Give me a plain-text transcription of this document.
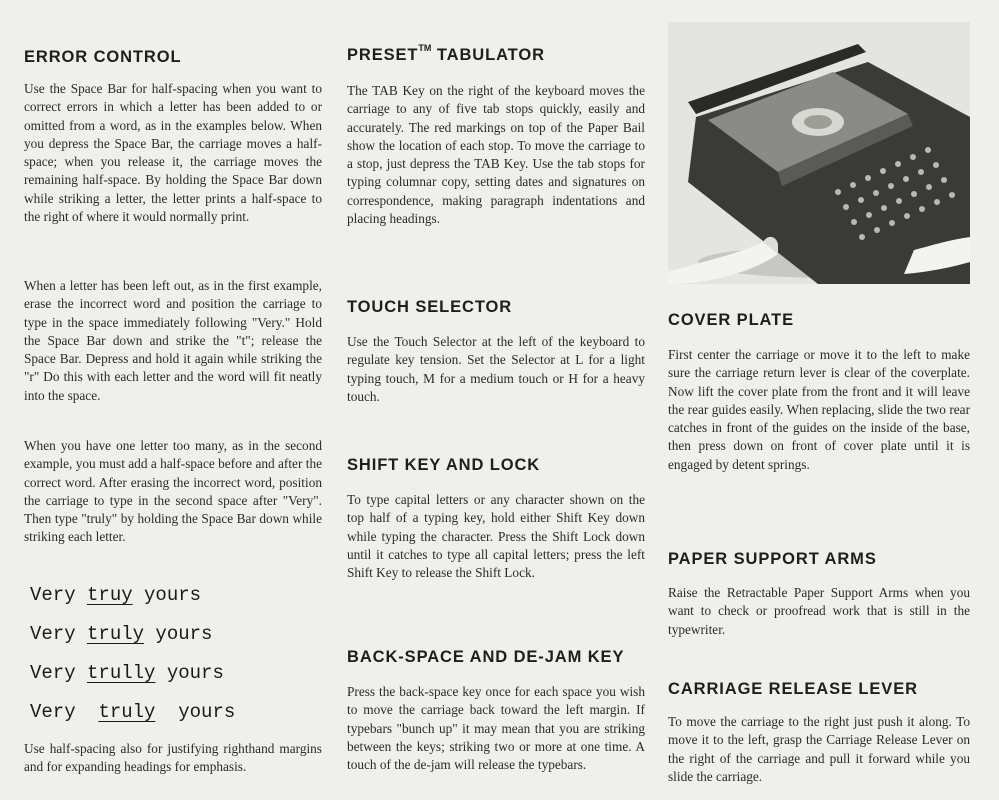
ERROR CONTROL

Use the Space Bar for half-spacing when you want to correct errors in which a letter has been added to or omitted from a word, as in the examples below. When you depress the Space Bar, the carriage moves a half-space; when you release it, the carriage moves the remaining half-space. By holding the Space Bar down while striking a letter, the letter prints a half-space to the right of where it would normally print.

When a letter has been left out, as in the first example, erase the incorrect word and position the carriage to type in the space immediately following "Very." Hold the Space Bar down and strike the "t"; release the Space Bar. Depress and hold it again while striking the "r" Do this with each letter and the word will fit neatly into the space.

When you have one letter too many, as in the second example, you must add a half-space before and after the correct word. After erasing the incorrect word, position the carriage to type in the second space after "Very". Then type "truly" by holding the Space Bar down while striking each letter.

Very truy yours
Very truly yours
Very trully yours
Very  truly  yours

Use half-spacing also for justifying righthand margins and for expanding headings for emphasis.

PRESET™ TABULATOR

The TAB Key on the right of the keyboard moves the carriage to any of five tab stops quickly, easily and accurately. The red markings on top of the Paper Bail show the location of each stop. To move the carriage to a stop, just depress the TAB Key. Use the tab stops for typing columnar copy, setting dates and signatures on correspondence, making paragraph indentations and placing headings.

TOUCH SELECTOR

Use the Touch Selector at the left of the keyboard to regulate key tension. Set the Selector at L for a light typing touch, M for a medium touch or H for a heavy touch.

SHIFT KEY AND LOCK

To type capital letters or any character shown on the top half of a typing key, hold either Shift Key down while typing the character. Press the Shift Lock down until it catches to type all capital letters; press the left Shift Key to release the Shift Lock.

BACK-SPACE AND DE-JAM KEY

Press the back-space key once for each space you wish to move the carriage back toward the left margin. If typebars "bunch up" it may mean that you are striking between the keys; striking two or more at one time. A touch of the de-jam will release the typebars.

COVER PLATE

First center the carriage or move it to the left to make sure the carriage return lever is clear of the coverplate. Now lift the cover plate from the front and it will leave the rear guides easily. When replacing, slide the two rear catches in front of the guides on the inside of the base, then press down on front of cover plate until it is engaged by detent springs.

PAPER SUPPORT ARMS

Raise the Retractable Paper Support Arms when you want to check or proofread work that is still in the typewriter.

CARRIAGE RELEASE LEVER

To move the carriage to the right just push it along. To move it to the left, grasp the Carriage Release Lever on the right of the carriage and pull it forward while you slide the carriage.
